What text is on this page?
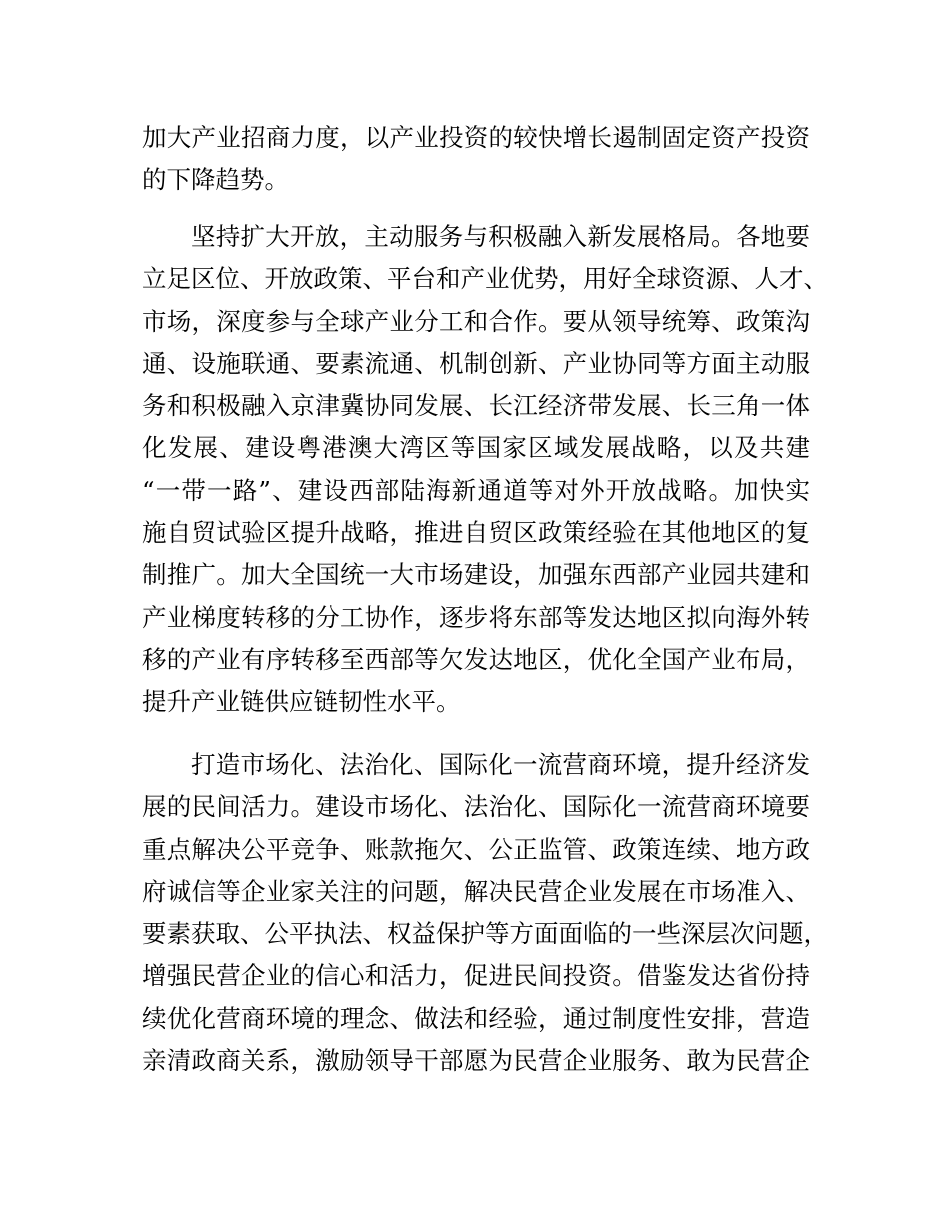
加大产业招商力度，以产业投资的较快增长遏制固定资产投资
的下降趋势。
坚持扩大开放，主动服务与积极融入新发展格局。各地要
立足区位、开放政策、平台和产业优势，用好全球资源、人才、
市场，深度参与全球产业分工和合作。要从领导统筹、政策沟
通、设施联通、要素流通、机制创新、产业协同等方面主动服
务和积极融入京津冀协同发展、长江经济带发展、长三角一体
化发展、建设粤港澳大湾区等国家区域发展战略，以及共建
“一带一路”、建设西部陆海新通道等对外开放战略。加快实
施自贸试验区提升战略，推进自贸区政策经验在其他地区的复
制推广。加大全国统一大市场建设，加强东西部产业园共建和
产业梯度转移的分工协作，逐步将东部等发达地区拟向海外转
移的产业有序转移至西部等欠发达地区，优化全国产业布局，
提升产业链供应链韧性水平。
打造市场化、法治化、国际化一流营商环境，提升经济发
展的民间活力。建设市场化、法治化、国际化一流营商环境要
重点解决公平竞争、账款拖欠、公正监管、政策连续、地方政
府诚信等企业家关注的问题，解决民营企业发展在市场准入、
要素获取、公平执法、权益保护等方面面临的一些深层次问题，
增强民营企业的信心和活力，促进民间投资。借鉴发达省份持
续优化营商环境的理念、做法和经验，通过制度性安排，营造
亲清政商关系，激励领导干部愿为民营企业服务、敢为民营企
